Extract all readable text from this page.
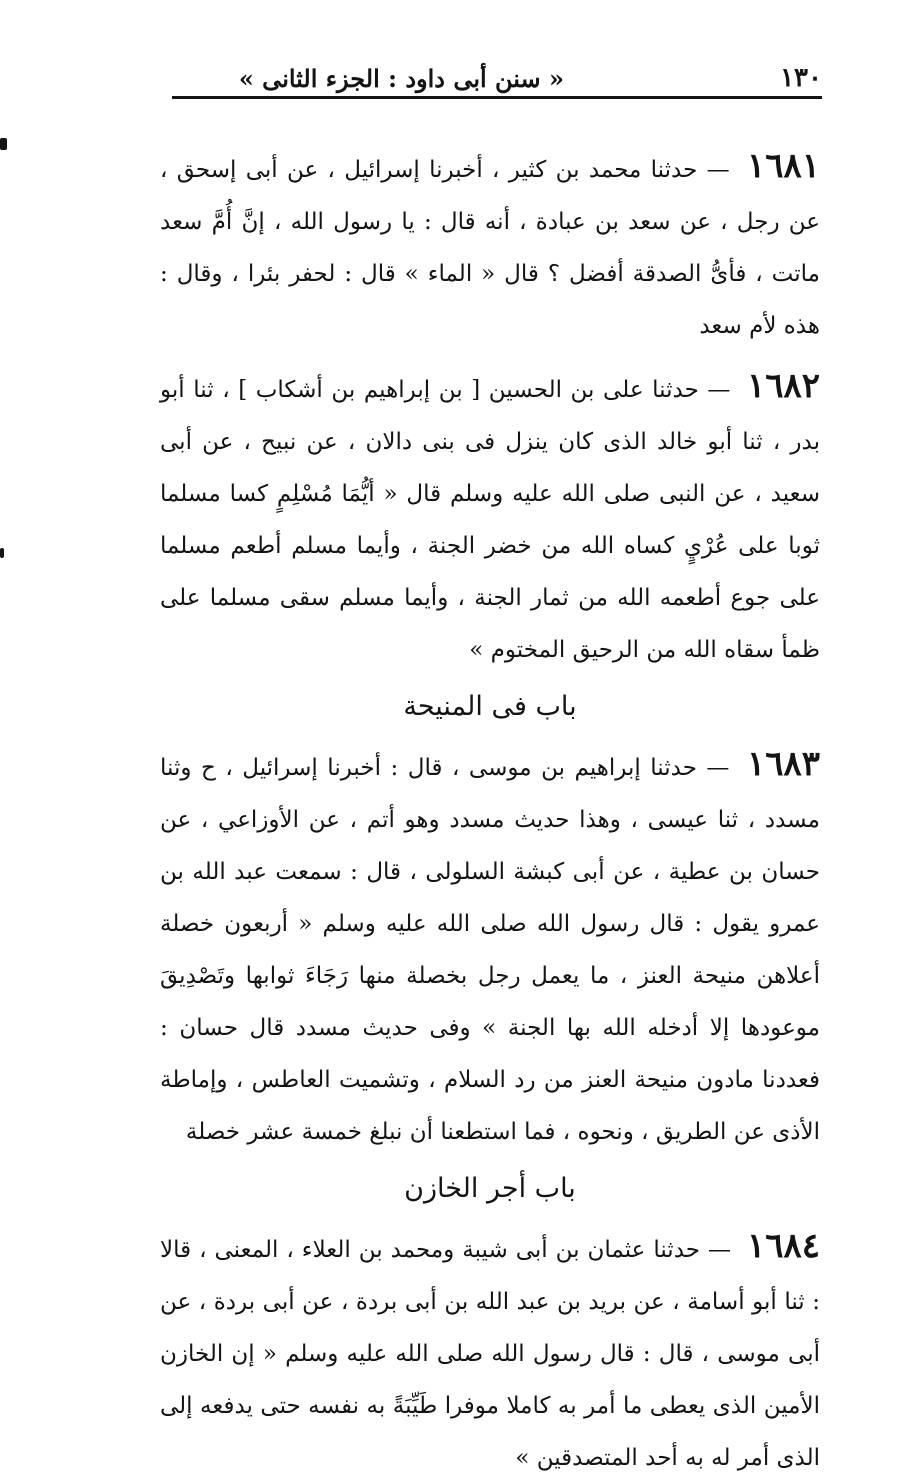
١٣٠
« سنن أبى داود : الجزء الثانى »

١٦٨١ — حدثنا محمد بن كثير ، أخبرنا إسرائيل ، عن أبى إسحق ، عن رجل ، عن سعد بن عبادة ، أنه قال : يا رسول الله ، إنَّ أُمَّ سعد ماتت ، فأىُّ الصدقة أفضل ؟ قال « الماء » قال : لحفر بئرا ، وقال : هذه لأم سعد

١٦٨٢ — حدثنا على بن الحسين [ بن إبراهيم بن أشكاب ] ، ثنا أبو بدر ، ثنا أبو خالد الذى كان ينزل فى بنى دالان ، عن نبيح ، عن أبى سعيد ، عن النبى صلى الله عليه وسلم قال « أيُّمَا مُسْلِمٍ كسا مسلما ثوبا على عُرْيٍ كساه الله من خضر الجنة ، وأيما مسلم أطعم مسلما على جوع أطعمه الله من ثمار الجنة ، وأيما مسلم سقى مسلما على ظمأ سقاه الله من الرحيق المختوم »

باب فى المنيحة

١٦٨٣ — حدثنا إبراهيم بن موسى ، قال : أخبرنا إسرائيل ، ح وثنا مسدد ، ثنا عيسى ، وهذا حديث مسدد وهو أتم ، عن الأوزاعي ، عن حسان بن عطية ، عن أبى كبشة السلولى ، قال : سمعت عبد الله بن عمرو يقول : قال رسول الله صلى الله عليه وسلم « أربعون خصلة أعلاهن منيحة العنز ، ما يعمل رجل بخصلة منها رَجَاءَ ثوابها وتَصْدِيقَ موعودها إلا أدخله الله بها الجنة » وفى حديث مسدد قال حسان : فعددنا مادون منيحة العنز من رد السلام ، وتشميت العاطس ، وإماطة الأذى عن الطريق ، ونحوه ، فما استطعنا أن نبلغ خمسة عشر خصلة

باب أجر الخازن

١٦٨٤ — حدثنا عثمان بن أبى شيبة ومحمد بن العلاء ، المعنى ، قالا : ثنا أبو أسامة ، عن بريد بن عبد الله بن أبى بردة ، عن أبى بردة ، عن أبى موسى ، قال : قال رسول الله صلى الله عليه وسلم « إن الخازن الأمين الذى يعطى ما أمر به كاملا موفرا طَيِّبَةً به نفسه حتى يدفعه إلى الذى أمر له به أحد المتصدقين »
